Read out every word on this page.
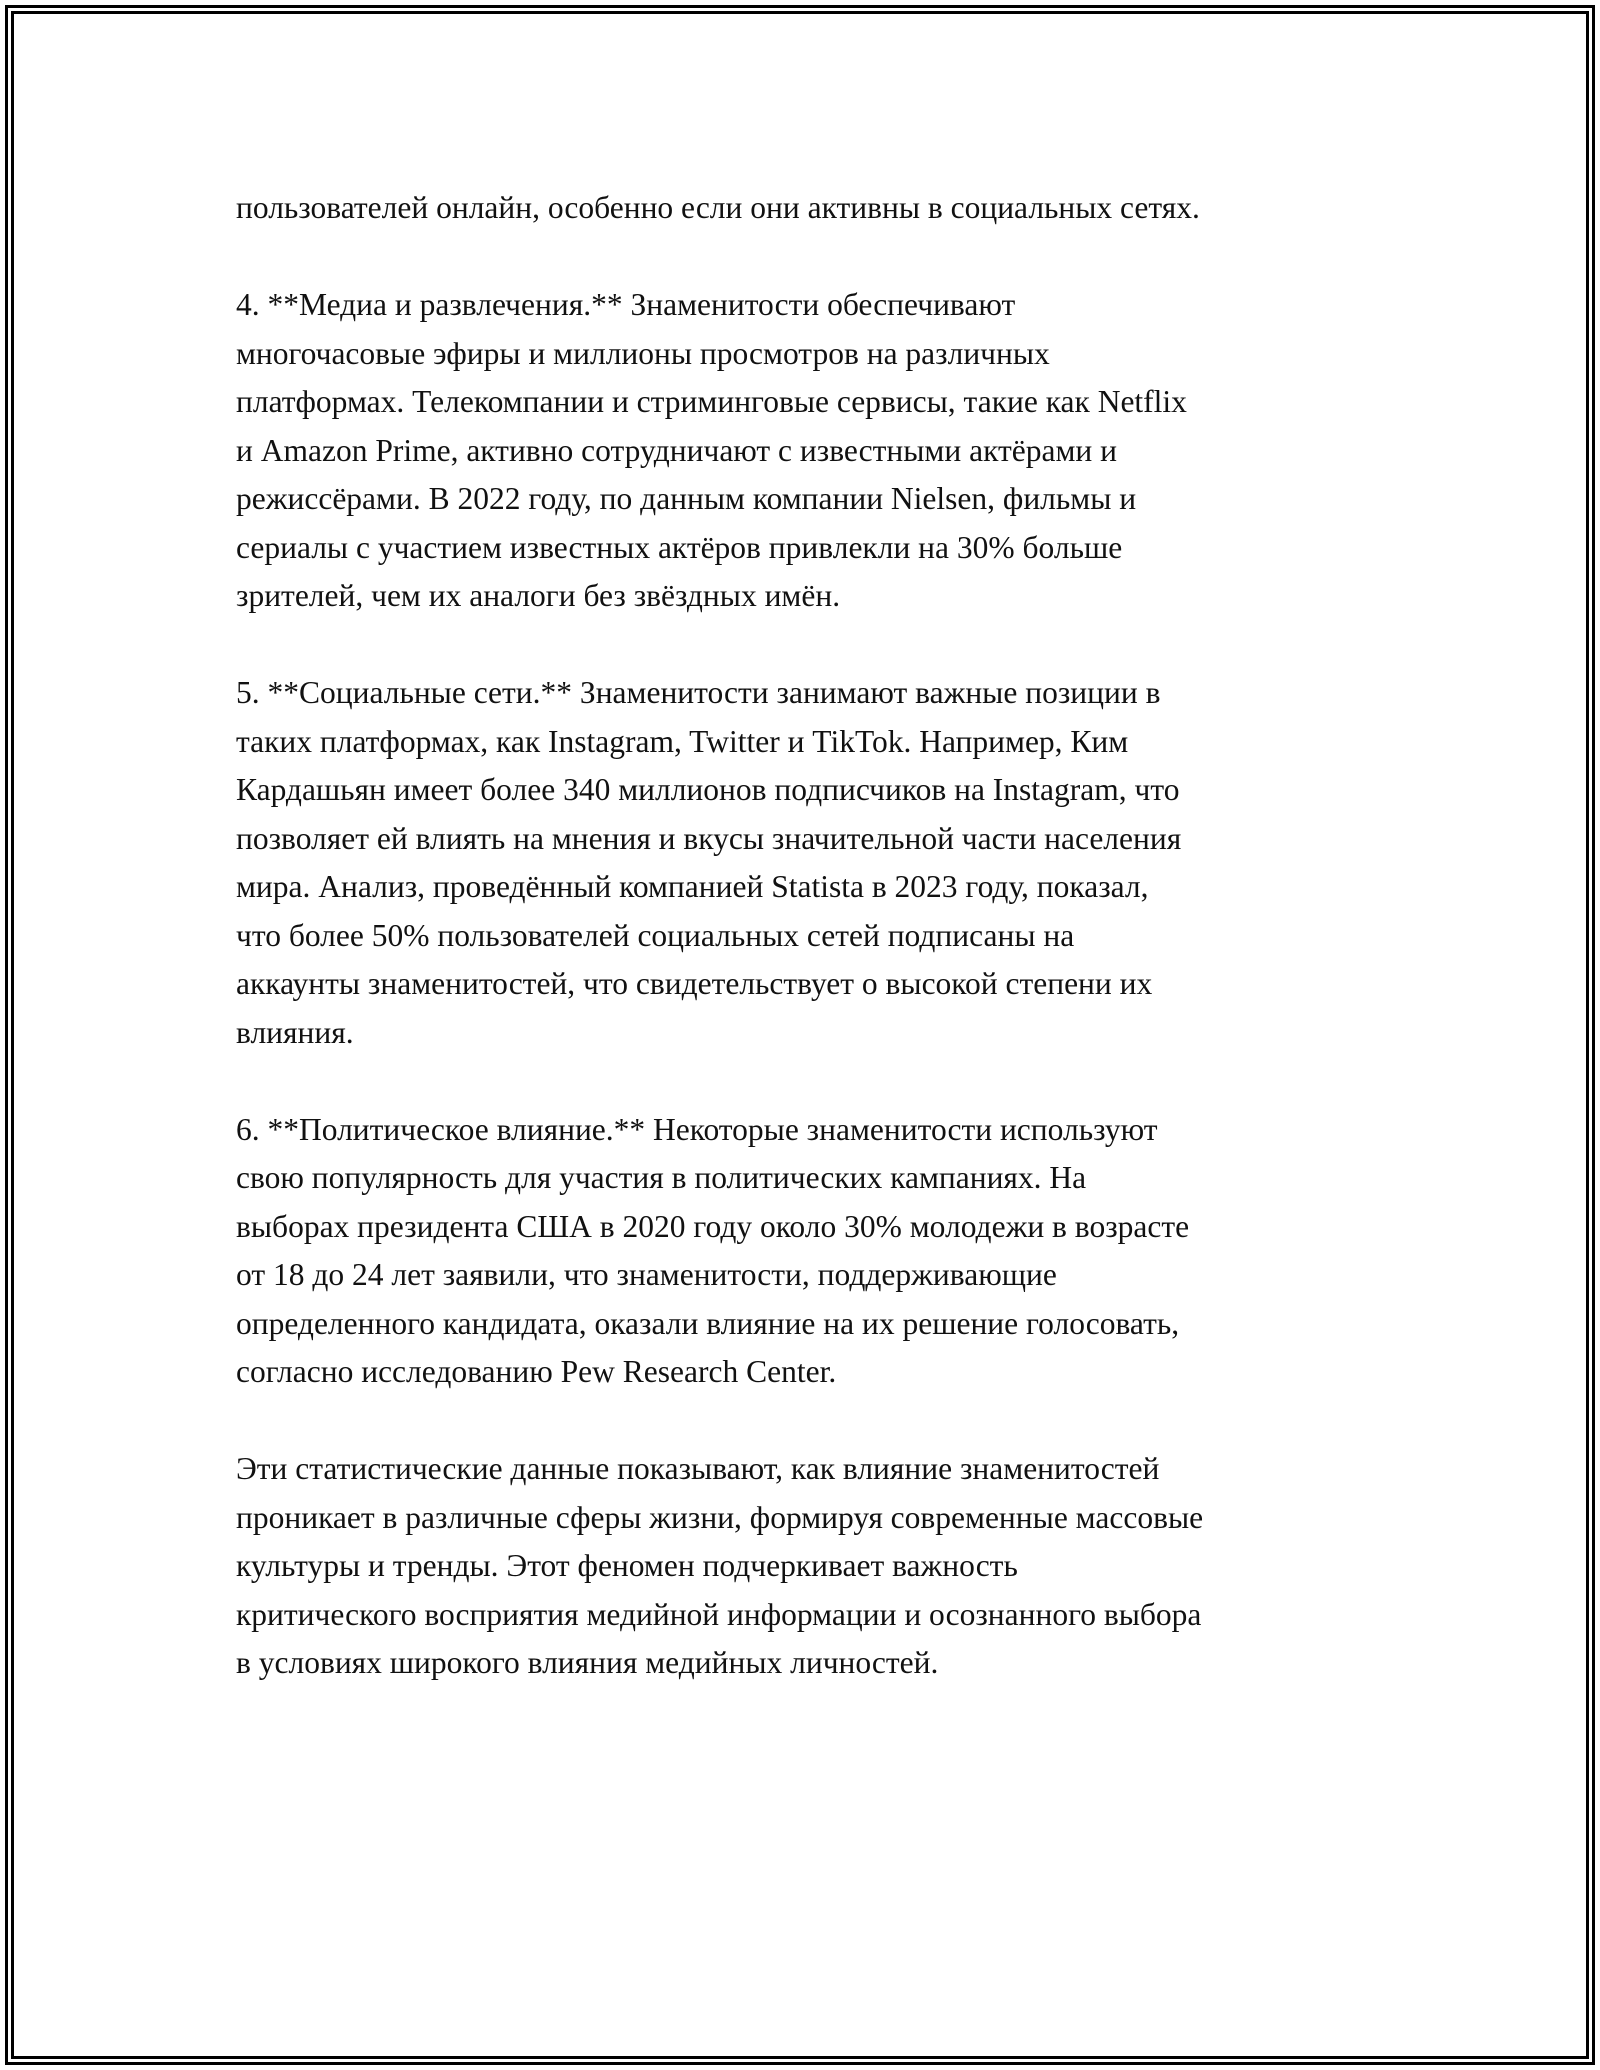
пользователей онлайн, особенно если они активны в социальных сетях.

4. **Медиа и развлечения.** Знаменитости обеспечивают
многочасовые эфиры и миллионы просмотров на различных
платформах. Телекомпании и стриминговые сервисы, такие как Netflix
и Amazon Prime, активно сотрудничают с известными актёрами и
режиссёрами. В 2022 году, по данным компании Nielsen, фильмы и
сериалы с участием известных актёров привлекли на 30% больше
зрителей, чем их аналоги без звёздных имён.

5. **Социальные сети.** Знаменитости занимают важные позиции в
таких платформах, как Instagram, Twitter и TikTok. Например, Ким
Кардашьян имеет более 340 миллионов подписчиков на Instagram, что
позволяет ей влиять на мнения и вкусы значительной части населения
мира. Анализ, проведённый компанией Statista в 2023 году, показал,
что более 50% пользователей социальных сетей подписаны на
аккаунты знаменитостей, что свидетельствует о высокой степени их
влияния.

6. **Политическое влияние.** Некоторые знаменитости используют
свою популярность для участия в политических кампаниях. На
выборах президента США в 2020 году около 30% молодежи в возрасте
от 18 до 24 лет заявили, что знаменитости, поддерживающие
определенного кандидата, оказали влияние на их решение голосовать,
согласно исследованию Pew Research Center.

Эти статистические данные показывают, как влияние знаменитостей
проникает в различные сферы жизни, формируя современные массовые
культуры и тренды. Этот феномен подчеркивает важность
критического восприятия медийной информации и осознанного выбора
в условиях широкого влияния медийных личностей.
